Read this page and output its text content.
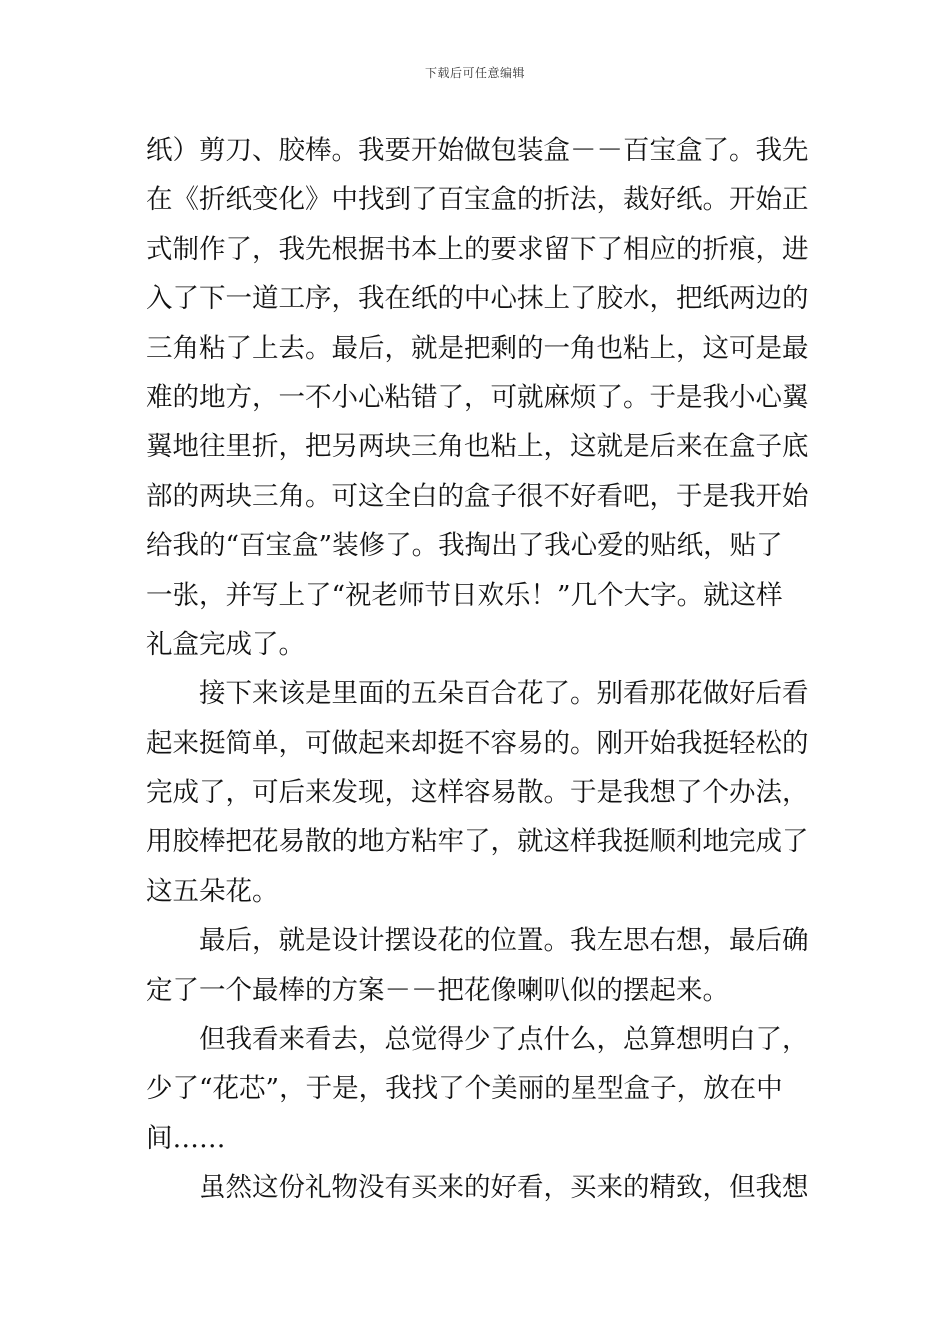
下载后可任意编辑
纸）剪刀、胶棒。我要开始做包装盒－－百宝盒了。我先
在《折纸变化》中找到了百宝盒的折法，裁好纸。开始正
式制作了，我先根据书本上的要求留下了相应的折痕，进
入了下一道工序，我在纸的中心抹上了胶水，把纸两边的
三角粘了上去。最后，就是把剩的一角也粘上，这可是最
难的地方，一不小心粘错了，可就麻烦了。于是我小心翼
翼地往里折，把另两块三角也粘上，这就是后来在盒子底
部的两块三角。可这全白的盒子很不好看吧，于是我开始
给我的“百宝盒”装修了。我掏出了我心爱的贴纸，贴了
一张，并写上了“祝老师节日欢乐！”几个大字。就这样
礼盒完成了。
接下来该是里面的五朵百合花了。别看那花做好后看
起来挺简单，可做起来却挺不容易的。刚开始我挺轻松的
完成了，可后来发现，这样容易散。于是我想了个办法，
用胶棒把花易散的地方粘牢了，就这样我挺顺利地完成了
这五朵花。
最后，就是设计摆设花的位置。我左思右想，最后确
定了一个最棒的方案－－把花像喇叭似的摆起来。
但我看来看去，总觉得少了点什么，总算想明白了，
少了“花芯”，于是，我找了个美丽的星型盒子，放在中
间……
虽然这份礼物没有买来的好看，买来的精致，但我想
